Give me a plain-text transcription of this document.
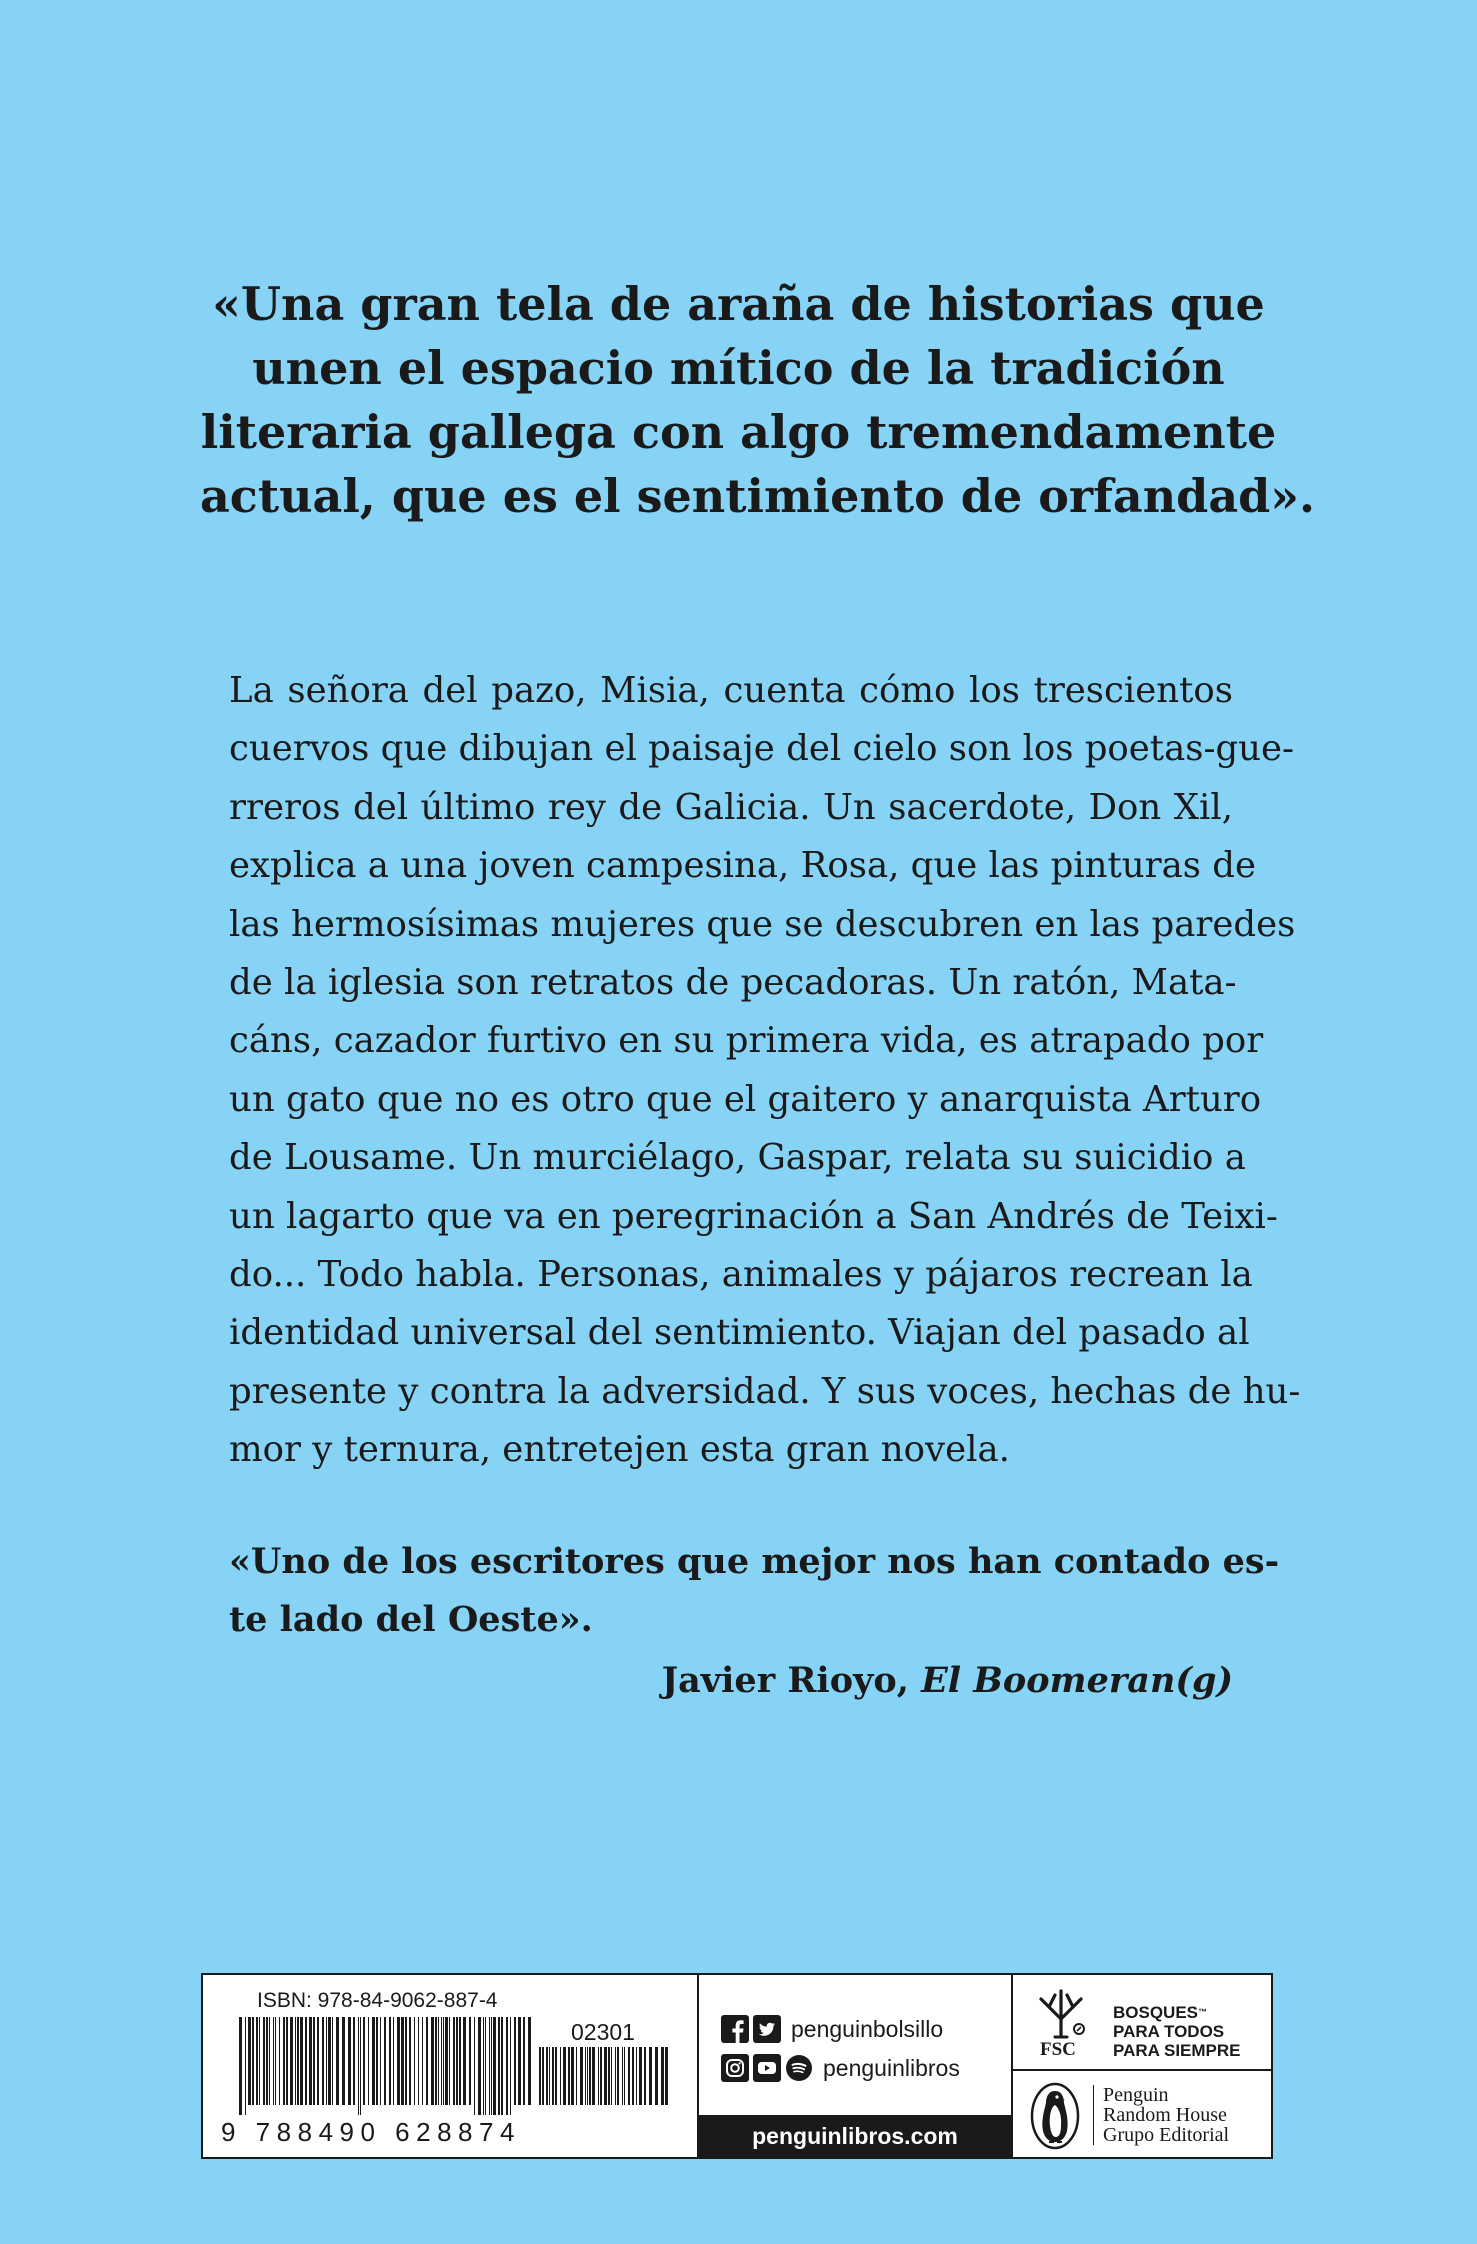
«Una gran tela de araña de historias que
unen el espacio mítico de la tradición
literaria gallega con algo tremendamente
actual, que es el sentimiento de orfandad».

La señora del pazo, Misia, cuenta cómo los trescientos
cuervos que dibujan el paisaje del cielo son los poetas-gue-
rreros del último rey de Galicia. Un sacerdote, Don Xil,
explica a una joven campesina, Rosa, que las pinturas de
las hermosísimas mujeres que se descubren en las paredes
de la iglesia son retratos de pecadoras. Un ratón, Mata-
cáns, cazador furtivo en su primera vida, es atrapado por
un gato que no es otro que el gaitero y anarquista Arturo
de Lousame. Un murciélago, Gaspar, relata su suicidio a
un lagarto que va en peregrinación a San Andrés de Teixi-
do... Todo habla. Personas, animales y pájaros recrean la
identidad universal del sentimiento. Viajan del pasado al
presente y contra la adversidad. Y sus voces, hechas de hu-
mor y ternura, entretejen esta gran novela.

«Uno de los escritores que mejor nos han contado es-
te lado del Oeste».

Javier Rioyo, El Boomeran(g)
ISBN: 978-84-9062-887-4
02301
9 788490 628874
penguinbolsillo
penguinlibros
penguinlibros.com
FSC
BOSQUES™
PARA TODOS
PARA SIEMPRE
Penguin
Random House
Grupo Editorial
